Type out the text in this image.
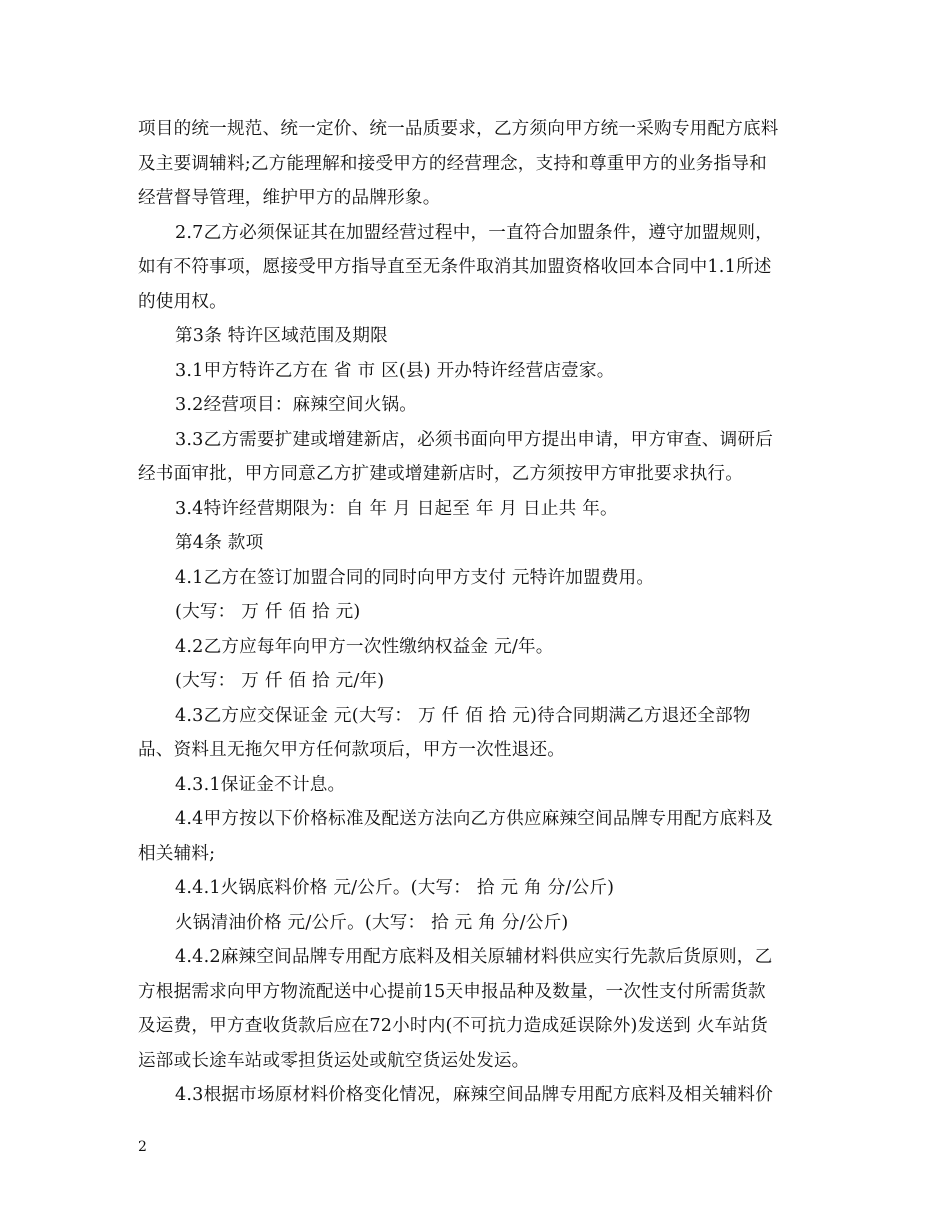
项目的统一规范、统一定价、统一品质要求，乙方须向甲方统一采购专用配方底料
及主要调辅料;乙方能理解和接受甲方的经营理念，支持和尊重甲方的业务指导和
经营督导管理，维护甲方的品牌形象。
2.7乙方必须保证其在加盟经营过程中，一直符合加盟条件，遵守加盟规则，
如有不符事项，愿接受甲方指导直至无条件取消其加盟资格收回本合同中1.1所述
的使用权。
第3条 特许区域范围及期限
3.1甲方特许乙方在 省 市 区(县) 开办特许经营店壹家。
3.2经营项目：麻辣空间火锅。
3.3乙方需要扩建或增建新店，必须书面向甲方提出申请，甲方审查、调研后
经书面审批，甲方同意乙方扩建或增建新店时，乙方须按甲方审批要求执行。
3.4特许经营期限为：自 年 月 日起至 年 月 日止共 年。
第4条 款项
4.1乙方在签订加盟合同的同时向甲方支付 元特许加盟费用。
(大写： 万 仟 佰 拾 元)
4.2乙方应每年向甲方一次性缴纳权益金 元/年。
(大写： 万 仟 佰 拾 元/年)
4.3乙方应交保证金 元(大写： 万 仟 佰 拾 元)待合同期满乙方退还全部物
品、资料且无拖欠甲方任何款项后，甲方一次性退还。
4.3.1保证金不计息。
4.4甲方按以下价格标准及配送方法向乙方供应麻辣空间品牌专用配方底料及
相关辅料;
4.4.1火锅底料价格 元/公斤。(大写： 拾 元 角 分/公斤)
火锅清油价格 元/公斤。(大写： 拾 元 角 分/公斤)
4.4.2麻辣空间品牌专用配方底料及相关原辅材料供应实行先款后货原则，乙
方根据需求向甲方物流配送中心提前15天申报品种及数量，一次性支付所需货款
及运费，甲方查收货款后应在72小时内(不可抗力造成延误除外)发送到 火车站货
运部或长途车站或零担货运处或航空货运处发运。
4.3根据市场原材料价格变化情况，麻辣空间品牌专用配方底料及相关辅料价
2
